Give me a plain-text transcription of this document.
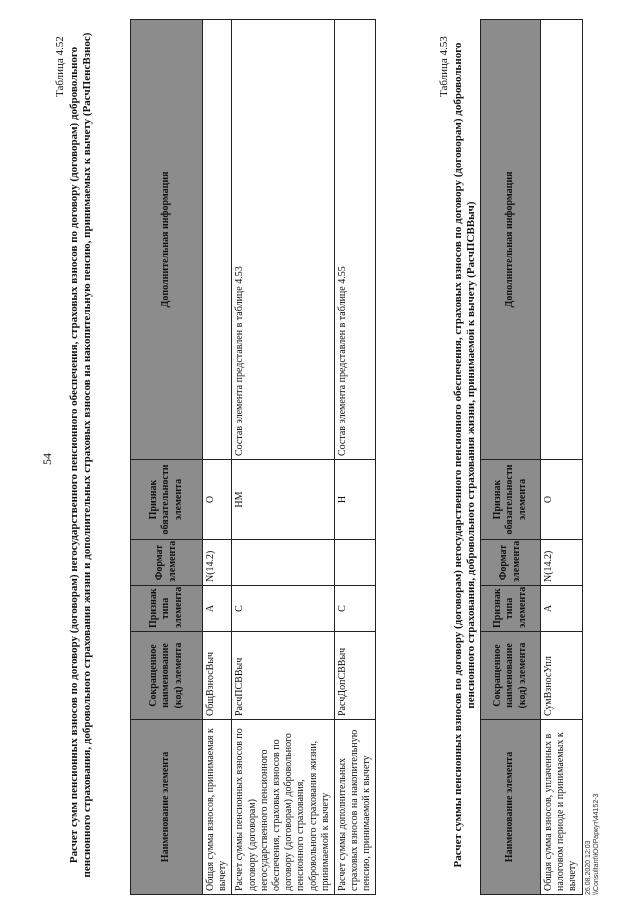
54
Таблица 4.52 Расчет сумм пенсионных взносов по договору (договорам) негосударственного пенсионного обеспечения, страховых взносов по договору (договорам) добровольного пенсионного страхования, добровольного страхования жизни и дополнительных страховых взносов на накопительную пенсию, принимаемых к вычету (РасчПенсВзнос)	Наименование элемента	Сокращенное наименование (код) элемента	Признак типа элемента	Формат элемента	Признак обязательности элемента	Дополнительная информация
Общая сумма взносов, принимаемая к вычету	ОбщВзносВыч	А	N(14.2)	О	
Расчет суммы пенсионных взносов по договору (договорам) негосударственного пенсионного обеспечения, страховых взносов по договору (договорам) добровольного пенсионного страхования, добровольного страхования жизни, принимаемой к вычету	РасчПСВВыч	С		НМ	Состав элемента представлен в таблице 4.53
Расчет суммы дополнительных страховых взносов на накопительную пенсию, принимаемой к вычету	РасчДопСВВыч	С		Н	Состав элемента представлен в таблице 4.55
Таблица 4.53 Расчет суммы пенсионных взносов по договору (договорам) негосударственного пенсионного обеспечения, страховых взносов по договору (договорам) добровольного пенсионного страхования, добровольного страхования жизни, принимаемой к вычету (РасчПСВВыч)
Наименование элемента	Сокращенное наименование (код) элемента	Признак типа элемента	Формат элемента	Признак обязательности элемента	Дополнительная информация
Общая сумма взносов, уплаченных в налоговом периоде и принимаемых к вычету	СумВзносУпл	А	N(14.2)	О	
26.08.2020 12:03 \\Consultant\ЮОРаркут\44152-3
